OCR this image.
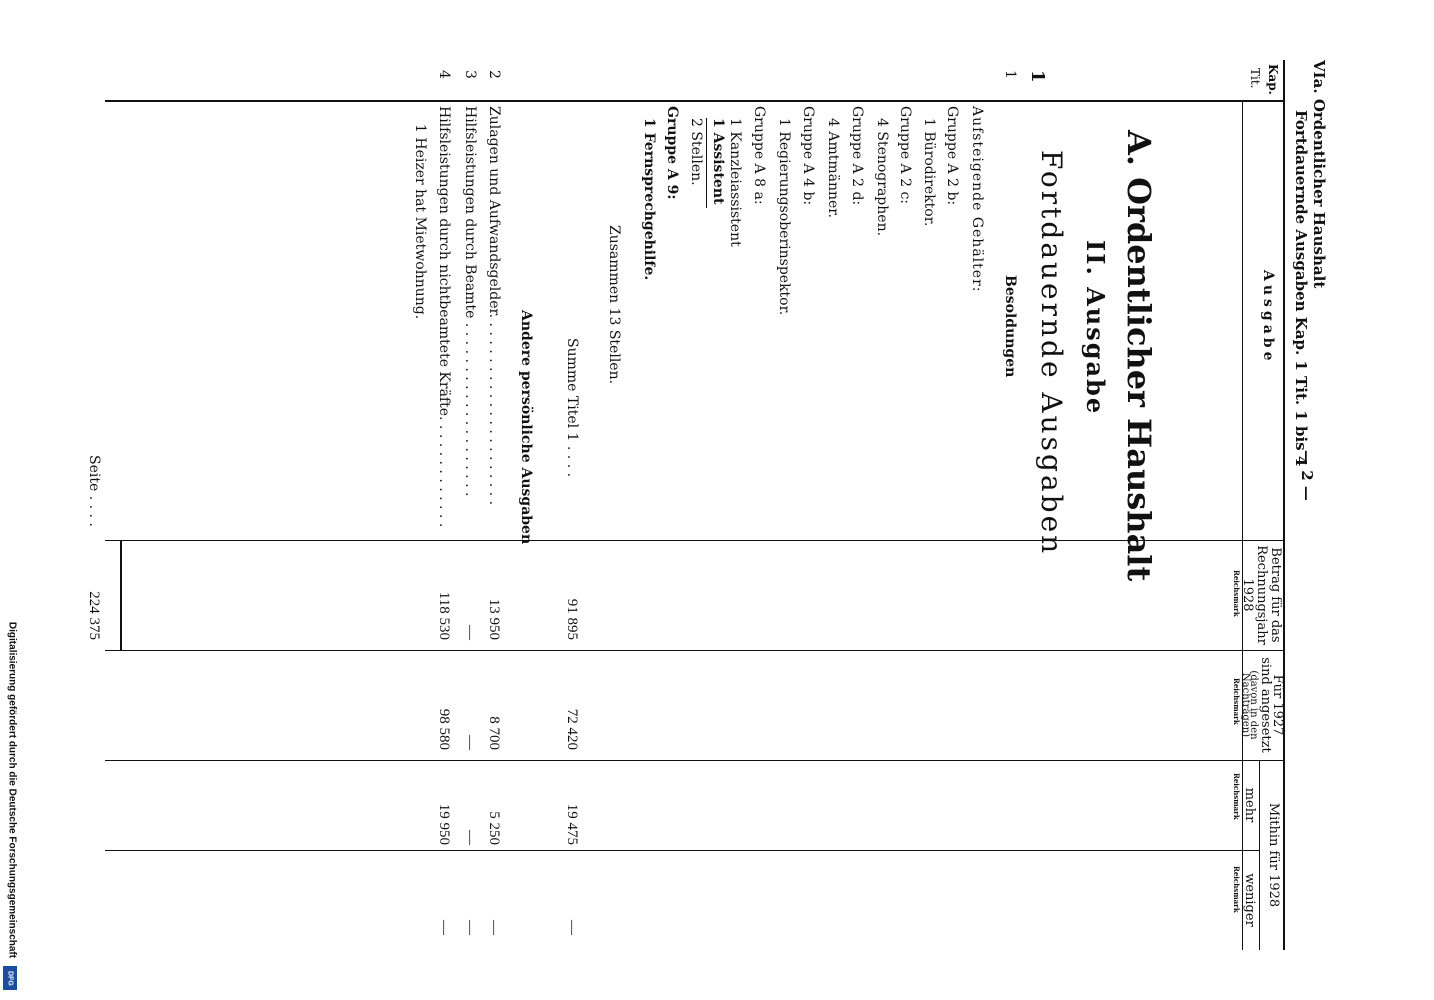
Digitalisierung gefördert durch die Deutsche Forschungsgemeinschaft
DFG
VIa. Ordentlicher Haushalt
Fortdauernde Ausgaben Kap. 1 Tit. 1 bis 4
— 2 —
Kap.
Tit.
Ausgabe
Betrag für das
Rechnungsjahr
1928
Reichsmark
Für 1927
sind angesetzt
(davon in den
Nachträgen)
Reichsmark
Mithin für 1928
mehr
weniger
Reichsmark
Reichsmark
A. Ordentlicher Haushalt
II. Ausgabe
Fortdauernde Ausgaben
1
Besoldungen
1
Aufsteigende Gehälter:
Gruppe A 2 b:
1 Bürodirektor.
Gruppe A 2 c:
4 Stenographen.
Gruppe A 2 d:
4 Amtmänner.
Gruppe A 4 b:
1 Regierungsoberinspektor.
Gruppe A 8 a:
1 Kanzleiassistent
1 Assistent
2 Stellen.
Gruppe A 9:
1 Fernsprechgehilfe.
Zusammen 13 Stellen.
Summe Titel 1 . . . .
Andere persönliche Ausgaben
2
Zulagen und Aufwandsgelder. . . . . . . . . . . . . . . . . . . . . .
3
Hilfsleistungen durch Beamte . . . . . . . . . . . . . . . . . . . .
4
Hilfsleistungen durch nichtbeamtete Kräfte. . . . . . . . . . . . .
1 Heizer hat Mietwohnung.
Seite . . . .
91 895
72 420
19 475
—
13 950
8 700
5 250
—
—
—
—
—
118 530
98 580
19 950
—
224 375
